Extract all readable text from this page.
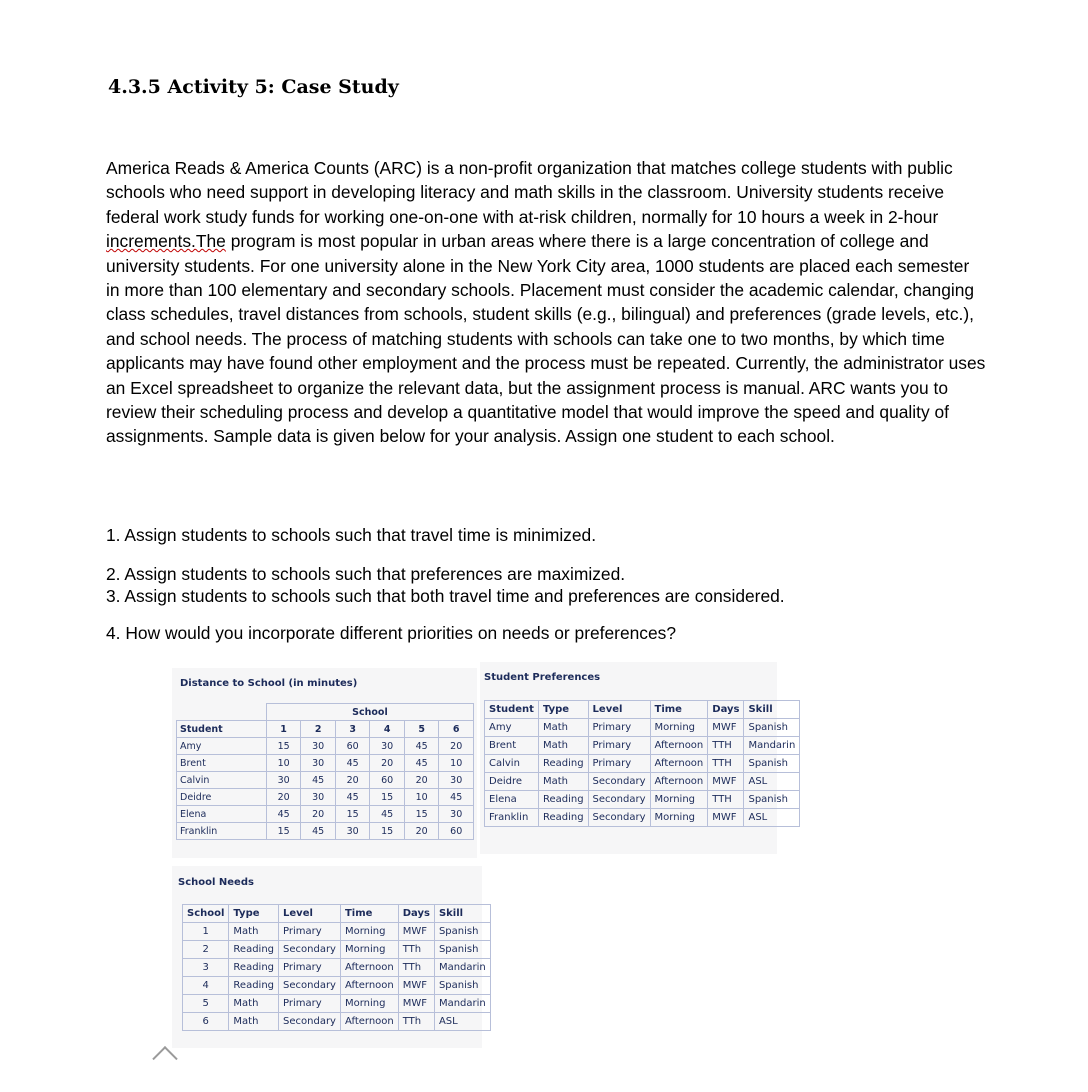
4.3.5 Activity 5: Case Study

America Reads & America Counts (ARC) is a non-profit organization that matches college students with public schools who need support in developing literacy and math skills in the classroom. University students receive federal work study funds for working one-on-one with at-risk children, normally for 10 hours a week in 2-hour increments.The program is most popular in urban areas where there is a large concentration of college and university students. For one university alone in the New York City area, 1000 students are placed each semester in more than 100 elementary and secondary schools. Placement must consider the academic calendar, changing class schedules, travel distances from schools, student skills (e.g., bilingual) and preferences (grade levels, etc.), and school needs. The process of matching students with schools can take one to two months, by which time applicants may have found other employment and the process must be repeated. Currently, the administrator uses an Excel spreadsheet to organize the relevant data, but the assignment process is manual. ARC wants you to review their scheduling process and develop a quantitative model that would improve the speed and quality of assignments. Sample data is given below for your analysis. Assign one student to each school.

1. Assign students to schools such that travel time is minimized.

2. Assign students to schools such that preferences are maximized.

3. Assign students to schools such that both travel time and preferences are considered.

4. How would you incorporate different priorities on needs or preferences?

Distance to School (in minutes)
	School					
Student	1	2	3	4	5	6
Amy	15	30	60	30	45	20
Brent	10	30	45	20	45	10
Calvin	30	45	20	60	20	30
Deidre	20	30	45	15	10	45
Elena	45	20	15	45	15	30
Franklin	15	45	30	15	20	60
Student Preferences
Student	Type	Level	Time	Days	Skill
Amy	Math	Primary	Morning	MWF	Spanish
Brent	Math	Primary	Afternoon	TTH	Mandarin
Calvin	Reading	Primary	Afternoon	TTH	Spanish
Deidre	Math	Secondary	Afternoon	MWF	ASL
Elena	Reading	Secondary	Morning	TTH	Spanish
Franklin	Reading	Secondary	Morning	MWF	ASL
School Needs
School	Type	Level	Time	Days	Skill
1	Math	Primary	Morning	MWF	Spanish
2	Reading	Secondary	Morning	TTh	Spanish
3	Reading	Primary	Afternoon	TTh	Mandarin
4	Reading	Secondary	Afternoon	MWF	Spanish
5	Math	Primary	Morning	MWF	Mandarin
6	Math	Secondary	Afternoon	TTh	ASL
